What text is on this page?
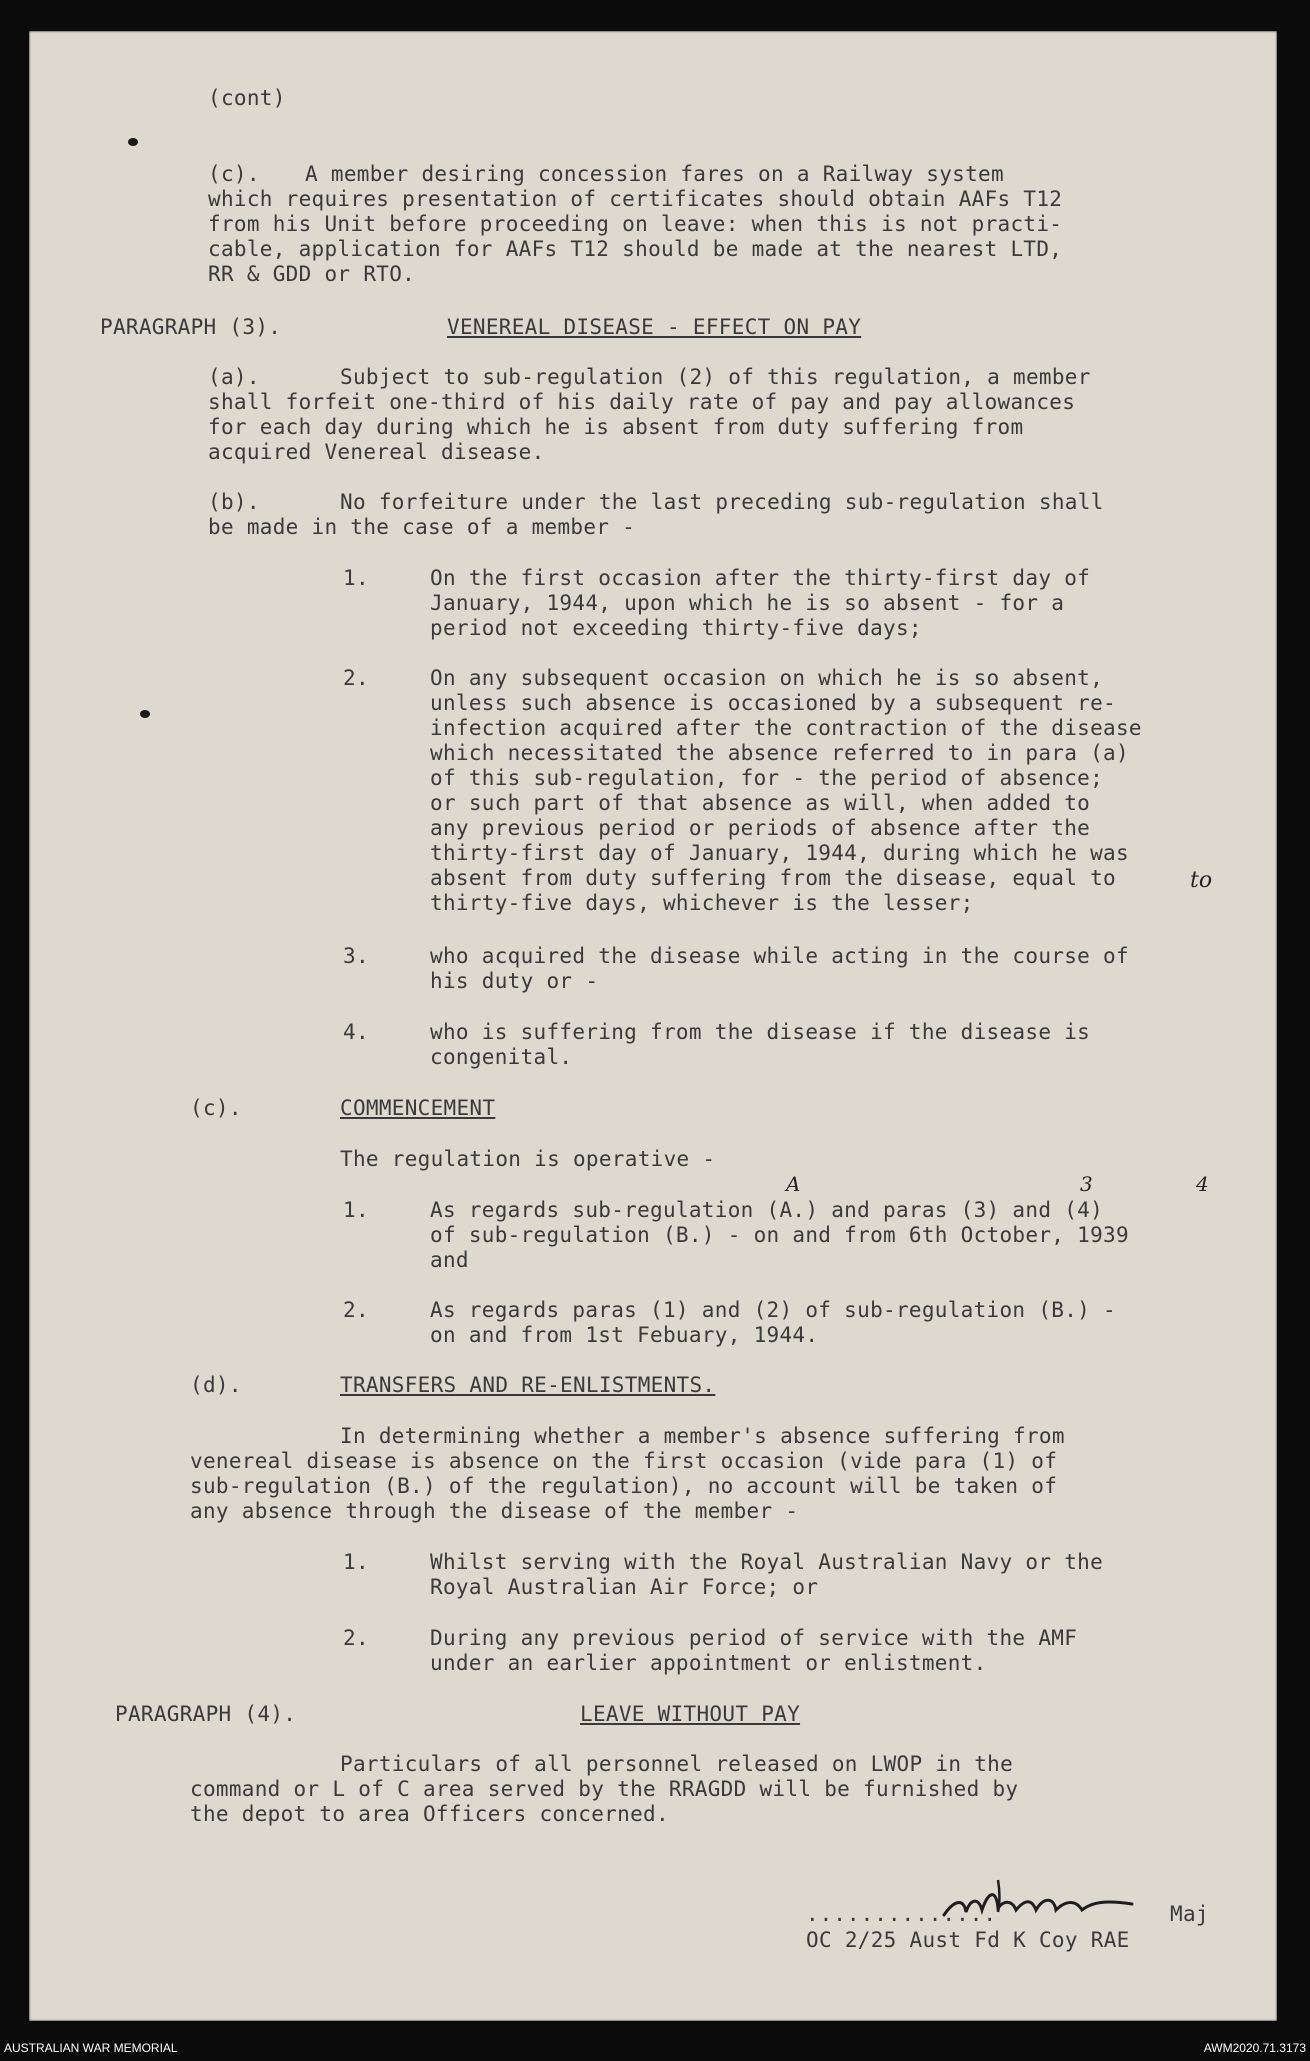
(cont)
(c). A member desiring concession fares on a Railway system
which requires presentation of certificates should obtain AAFs T12
from his Unit before proceeding on leave: when this is not practi-
cable, application for AAFs T12 should be made at the nearest LTD,
RR & GDD or RTO.
PARAGRAPH (3).	VENEREAL DISEASE - EFFECT ON PAY
(a).	Subject to sub-regulation (2) of this regulation, a member
shall forfeit one-third of his daily rate of pay and pay allowances
for each day during which he is absent from duty suffering from
acquired Venereal disease.
(b).	No forfeiture under the last preceding sub-regulation shall
be made in the case of a member -
1.	On the first occasion after the thirty-first day of
January, 1944, upon which he is so absent - for a
period not exceeding thirty-five days;
2.	On any subsequent occasion on which he is so absent,
unless such absence is occasioned by a subsequent re-
infection acquired after the contraction of the disease
which necessitated the absence referred to in para (a)
of this sub-regulation, for - the period of absence;
or such part of that absence as will, when added to
any previous period or periods of absence after the
thirty-first day of January, 1944, during which he was
absent from duty suffering from the disease, equal to
thirty-five days, whichever is the lesser;
3.	who acquired the disease while acting in the course of
his duty or -
4.	who is suffering from the disease if the disease is
congenital.
(c).	COMMENCEMENT
The regulation is operative -
1.	As regards sub-regulation (A.) and paras (3) and (4)
of sub-regulation (B.) - on and from 6th October, 1939
and
2.	As regards paras (1) and (2) of sub-regulation (B.) -
on and from 1st Febuary, 1944.
A	3	4
to
(d).	TRANSFERS AND RE-ENLISTMENTS.
In determining whether a member's absence suffering from
venereal disease is absence on the first occasion (vide para (1) of
sub-regulation (B.) of the regulation), no account will be taken of
any absence through the disease of the member -
1.	Whilst serving with the Royal Australian Navy or the
Royal Australian Air Force; or
2.	During any previous period of service with the AMF
under an earlier appointment or enlistment.
PARAGRAPH (4).	LEAVE WITHOUT PAY
Particulars of all personnel released on LWOP in the
command or L of C area served by the RRAGDD will be furnished by
the depot to area Officers concerned.
..............	Maj
OC 2/25 Aust Fd K Coy RAE
AUSTRALIAN WAR MEMORIAL	AWM2020.71.3173
